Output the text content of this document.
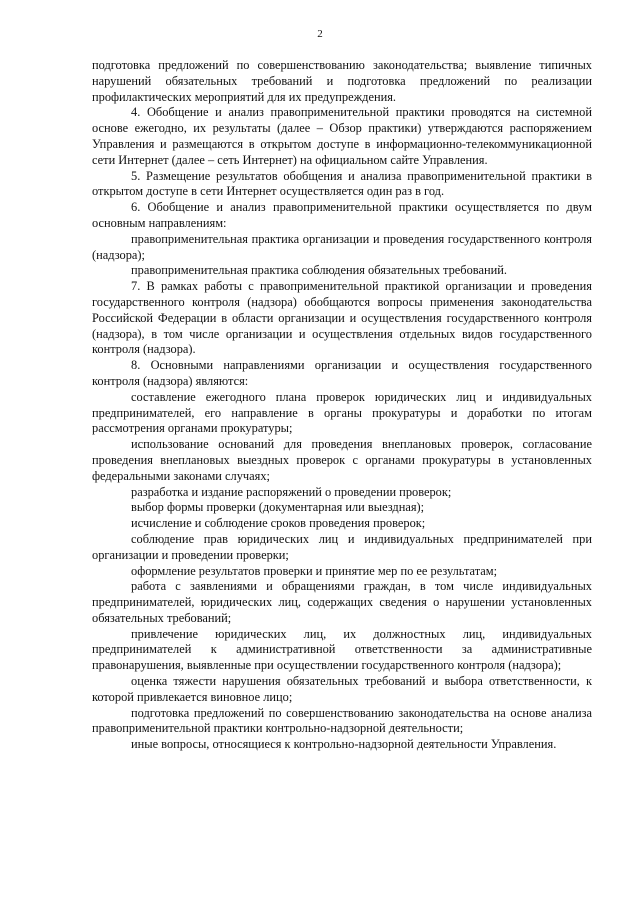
2

подготовка предложений по совершенствованию законодательства; выявление типичных нарушений обязательных требований и подготовка предложений по реализации профилактических мероприятий для их предупреждения.

4. Обобщение и анализ правоприменительной практики проводятся на системной основе ежегодно, их результаты (далее – Обзор практики) утверждаются распоряжением Управления и размещаются в открытом доступе в информационно-телекоммуникационной сети Интернет (далее – сеть Интернет) на официальном сайте Управления.

5. Размещение результатов обобщения и анализа правоприменительной практики в открытом доступе в сети Интернет осуществляется один раз в год.

6. Обобщение и анализ правоприменительной практики осуществляется по двум основным направлениям:

правоприменительная практика организации и проведения государственного контроля (надзора);

правоприменительная практика соблюдения обязательных требований.

7. В рамках работы с правоприменительной практикой организации и проведения государственного контроля (надзора) обобщаются вопросы применения законодательства Российской Федерации в области организации и осуществления государственного контроля (надзора), в том числе организации и осуществления отдельных видов государственного контроля (надзора).

8. Основными направлениями организации и осуществления государственного контроля (надзора) являются:

составление ежегодного плана проверок юридических лиц и индивидуальных предпринимателей, его направление в органы прокуратуры и доработки по итогам рассмотрения органами прокуратуры;

использование оснований для проведения внеплановых проверок, согласование проведения внеплановых выездных проверок с органами прокуратуры в установленных федеральными законами случаях;

разработка и издание распоряжений о проведении проверок;

выбор формы проверки (документарная или выездная);

исчисление и соблюдение сроков проведения проверок;

соблюдение прав юридических лиц и индивидуальных предпринимателей при организации и проведении проверки;

оформление результатов проверки и принятие мер по ее результатам;

работа с заявлениями и обращениями граждан, в том числе индивидуальных предпринимателей, юридических лиц, содержащих сведения о нарушении установленных обязательных требований;

привлечение юридических лиц, их должностных лиц, индивидуальных предпринимателей к административной ответственности за административные правонарушения, выявленные при осуществлении государственного контроля (надзора);

оценка тяжести нарушения обязательных требований и выбора ответственности, к которой привлекается виновное лицо;

подготовка предложений по совершенствованию законодательства на основе анализа правоприменительной практики контрольно-надзорной деятельности;

иные вопросы, относящиеся к контрольно-надзорной деятельности Управления.
